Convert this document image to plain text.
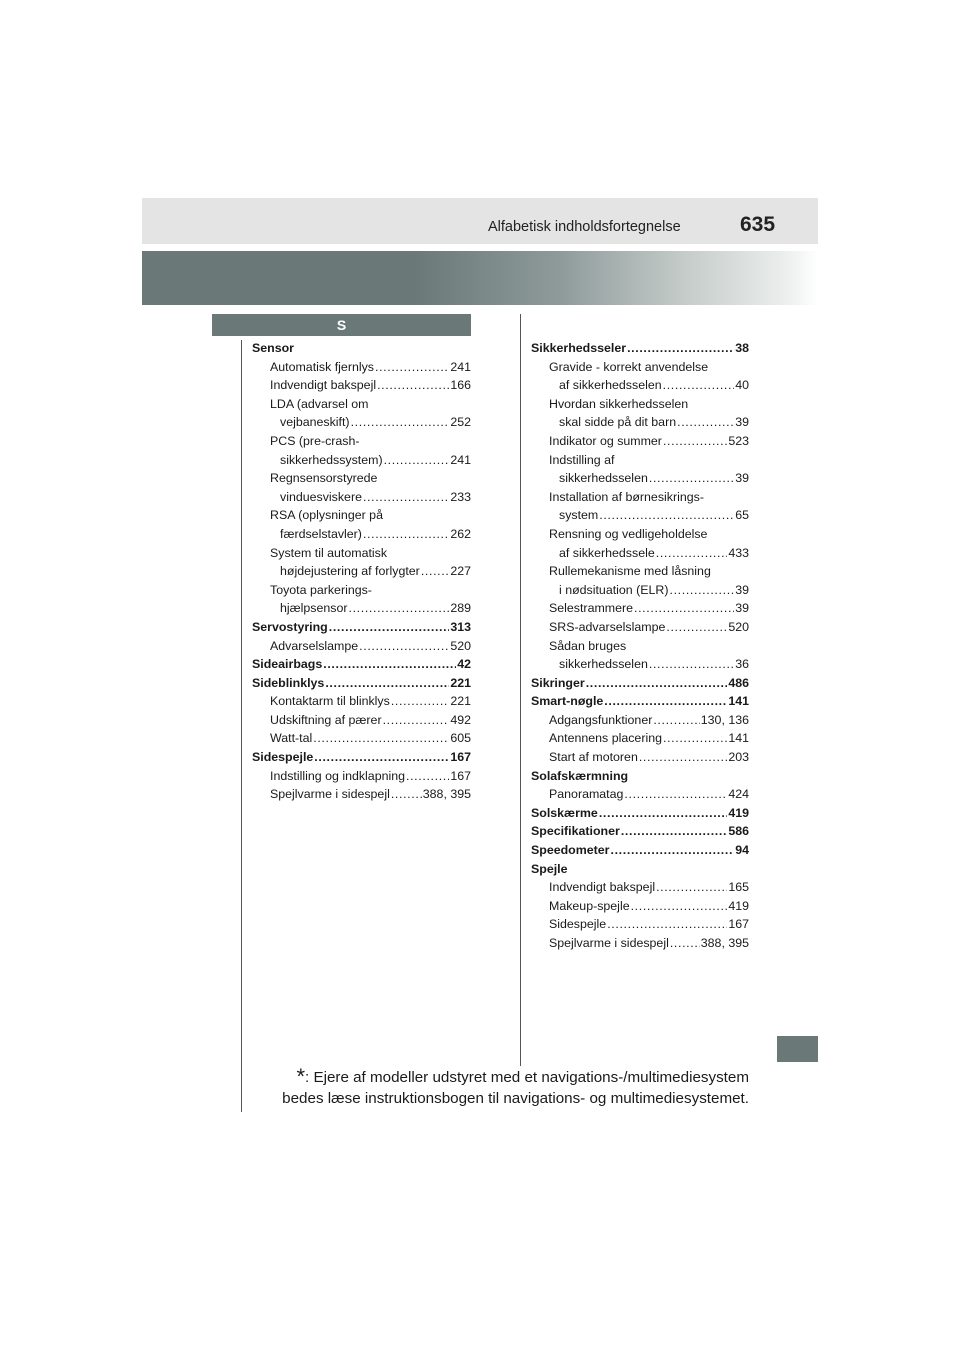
Alfabetisk indholdsfortegnelse	635
S
Sensor
Automatisk fjernlys . . .	241
Indvendigt bakspejl . . .	166
LDA (advarsel om
vejbaneskift) . . .	252
PCS (pre-crash-
sikkerhedssystem) . . .	241
Regnsensorstyrede
vinduesviskere . . .	233
RSA (oplysninger på
færdselstavler) . . .	262
System til automatisk
højdejustering af forlygter . . . 227
Toyota parkerings-
hjælpsensor . . .	289
Servostyring . . .	313
Advarselslampe . . .	520
Sideairbags . . .	42
Sideblinklys . . .	221
Kontaktarm til blinklys . . .	221
Udskiftning af pærer . . .	492
Watt-tal . . .	605
Sidespejle . . .	167
Indstilling og indklapning . . .	167
Spejlvarme i sidespejl . . .	388, 395
Sikkerhedsseler . . .	38
Gravide - korrekt anvendelse
af sikkerhedsselen . . .	40
Hvordan sikkerhedsselen
skal sidde på dit barn . . .	39
Indikator og summer . . .	523
Indstilling af
sikkerhedsselen . . .	39
Installation af børnesikrings-
system . . .	65
Rensning og vedligeholdelse
af sikkerhedssele . . .	433
Rullemekanisme med låsning
i nødsituation (ELR) . . .	39
Selestrammere . . .	39
SRS-advarselslampe . . .	520
Sådan bruges
sikkerhedsselen . . .	36
Sikringer . . .	486
Smart-nøgle . . .	141
Adgangsfunktioner . . .	130, 136
Antennens placering . . .	141
Start af motoren . . .	203
Solafskærmning
Panoramatag . . .	424
Solskærme . . .	419
Specifikationer . . .	586
Speedometer . . .	94
Spejle
Indvendigt bakspejl . . .	165
Makeup-spejle . . .	419
Sidespejle . . .	167
Spejlvarme i sidespejl . . .	388, 395
*: Ejere af modeller udstyret med et navigations-/multimediesystem
bedes læse instruktionsbogen til navigations- og multimediesystemet.
